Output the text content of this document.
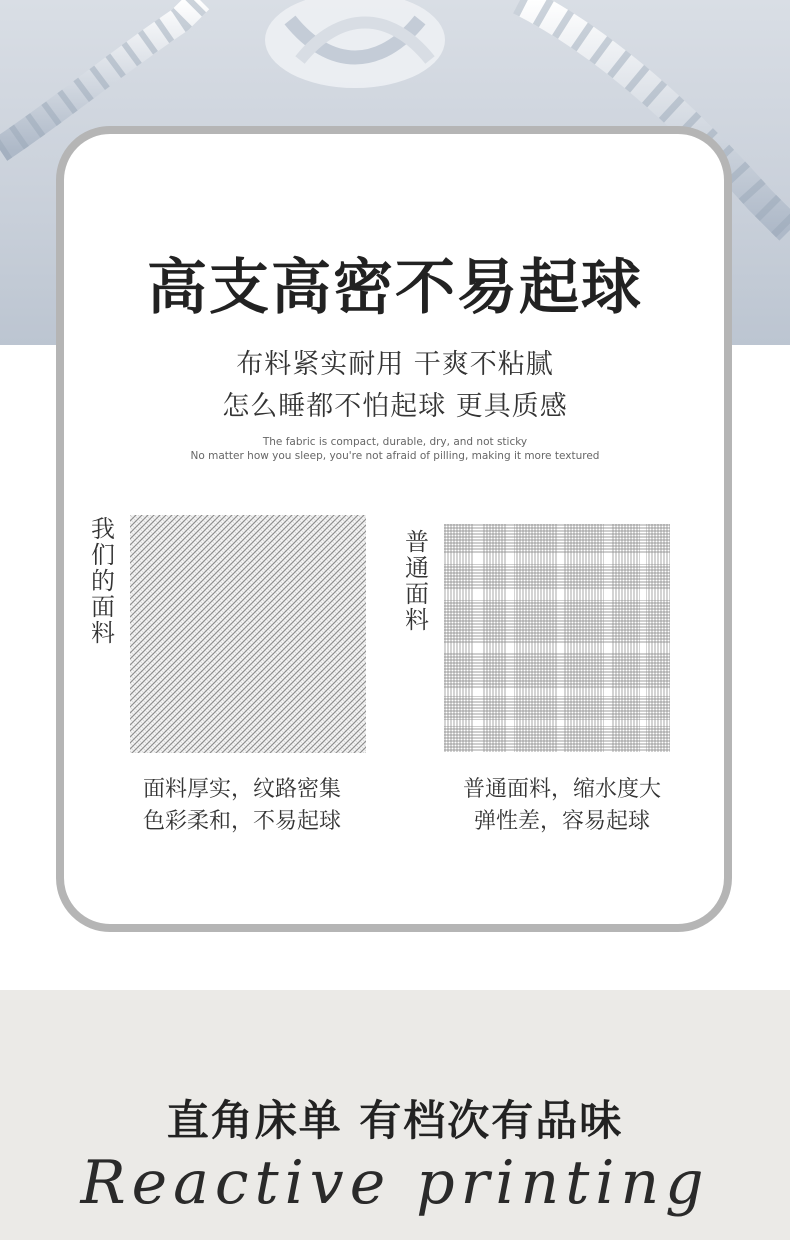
高支高密不易起球
布料紧实耐用 干爽不粘腻
怎么睡都不怕起球 更具质感
The fabric is compact, durable, dry, and not sticky
No matter how you sleep, you're not afraid of pilling, making it more textured
我们的面料
面料厚实，纹路密集
色彩柔和，不易起球
普通面料
普通面料，缩水度大
弹性差，容易起球
直角床单 有档次有品味
Reactive printing
